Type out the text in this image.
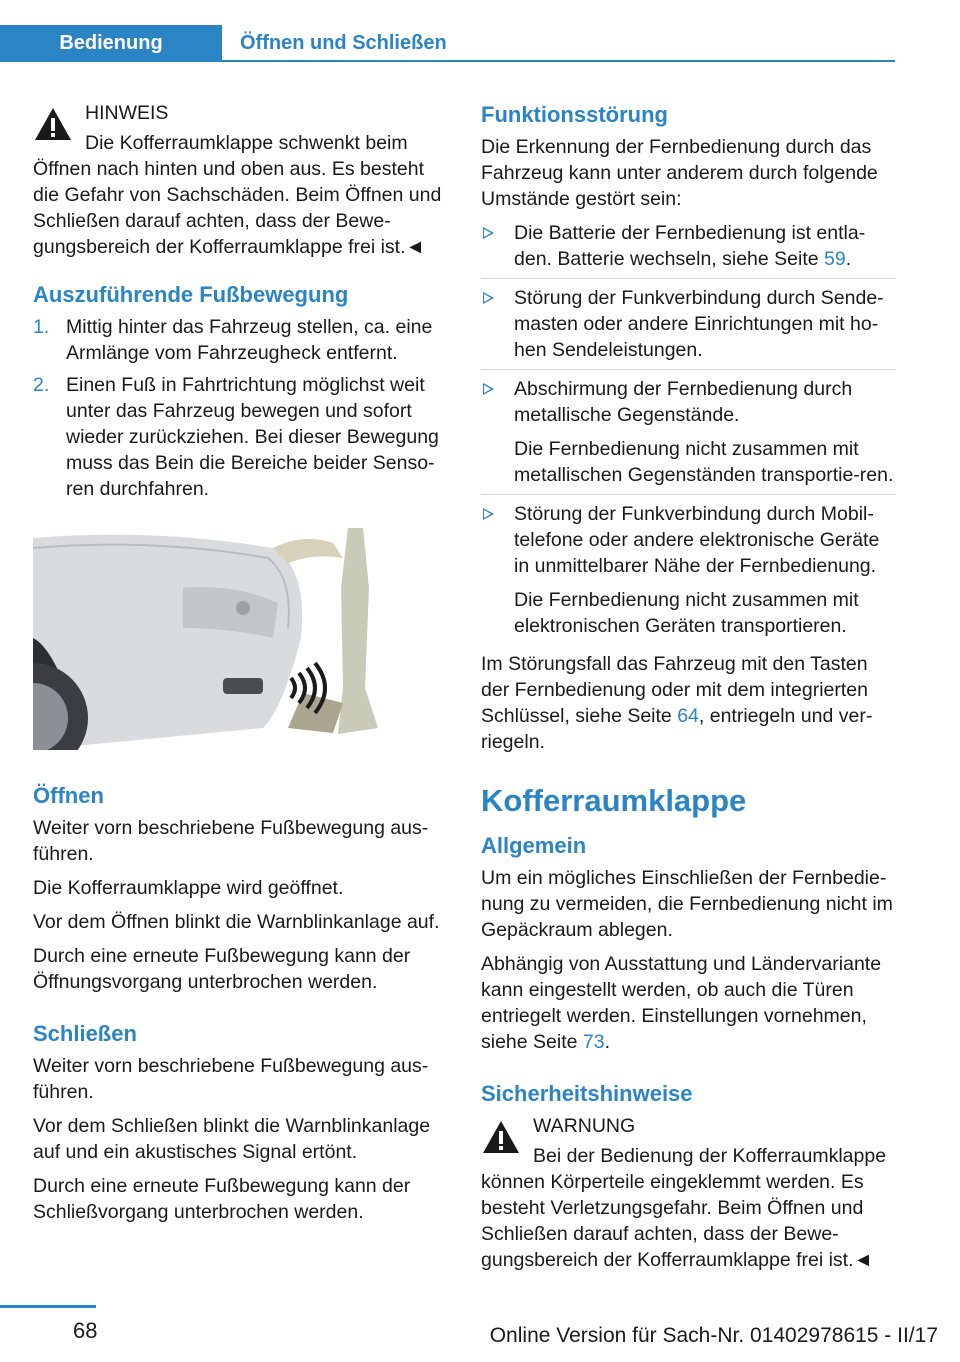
Bedienung	Öffnen und Schließen

HINWEIS

Die Kofferraumklappe schwenkt beim
Öffnen nach hinten und oben aus. Es besteht die Gefahr von Sachschäden. Beim Öffnen und Schließen darauf achten, dass der Bewe-gungsbereich der Kofferraumklappe frei ist.◄

Auszuführende Fußbewegung
1. Mittig hinter das Fahrzeug stellen, ca. eine Armlänge vom Fahrzeugheck entfernt.
2. Einen Fuß in Fahrtrichtung möglichst weit unter das Fahrzeug bewegen und sofort wieder zurückziehen. Bei dieser Bewegung muss das Bein die Bereiche beider Senso-ren durchfahren.
Öffnen

Weiter vorn beschriebene Fußbewegung aus-führen.

Die Kofferraumklappe wird geöffnet.

Vor dem Öffnen blinkt die Warnblinkanlage auf.

Durch eine erneute Fußbewegung kann der Öffnungsvorgang unterbrochen werden.

Schließen

Weiter vorn beschriebene Fußbewegung aus-führen.

Vor dem Schließen blinkt die Warnblinkanlage auf und ein akustisches Signal ertönt.

Durch eine erneute Fußbewegung kann der Schließvorgang unterbrochen werden.

Funktionsstörung

Die Erkennung der Fernbedienung durch das Fahrzeug kann unter anderem durch folgende Umstände gestört sein:

Die Batterie der Fernbedienung ist entla-den. Batterie wechseln, siehe Seite 59.
Störung der Funkverbindung durch Sende-masten oder andere Einrichtungen mit ho-hen Sendeleistungen.
Abschirmung der Fernbedienung durch metallische Gegenstände.
Die Fernbedienung nicht zusammen mit metallischen Gegenständen transportie-ren.
Störung der Funkverbindung durch Mobil-telefone oder andere elektronische Geräte in unmittelbarer Nähe der Fernbedienung.
Die Fernbedienung nicht zusammen mit elektronischen Geräten transportieren.

Im Störungsfall das Fahrzeug mit den Tasten der Fernbedienung oder mit dem integrierten Schlüssel, siehe Seite 64, entriegeln und ver-riegeln.

Kofferraumklappe
Allgemein

Um ein mögliches Einschließen der Fernbedie-nung zu vermeiden, die Fernbedienung nicht im Gepäckraum ablegen.

Abhängig von Ausstattung und Ländervariante kann eingestellt werden, ob auch die Türen entriegelt werden. Einstellungen vornehmen, siehe Seite 73.

Sicherheitshinweise

WARNUNG

Bei der Bedienung der Kofferraumklappe
können Körperteile eingeklemmt werden. Es besteht Verletzungsgefahr. Beim Öffnen und Schließen darauf achten, dass der Bewe-gungsbereich der Kofferraumklappe frei ist.◄

68	Online Version für Sach-Nr. 01402978615 - II/17
